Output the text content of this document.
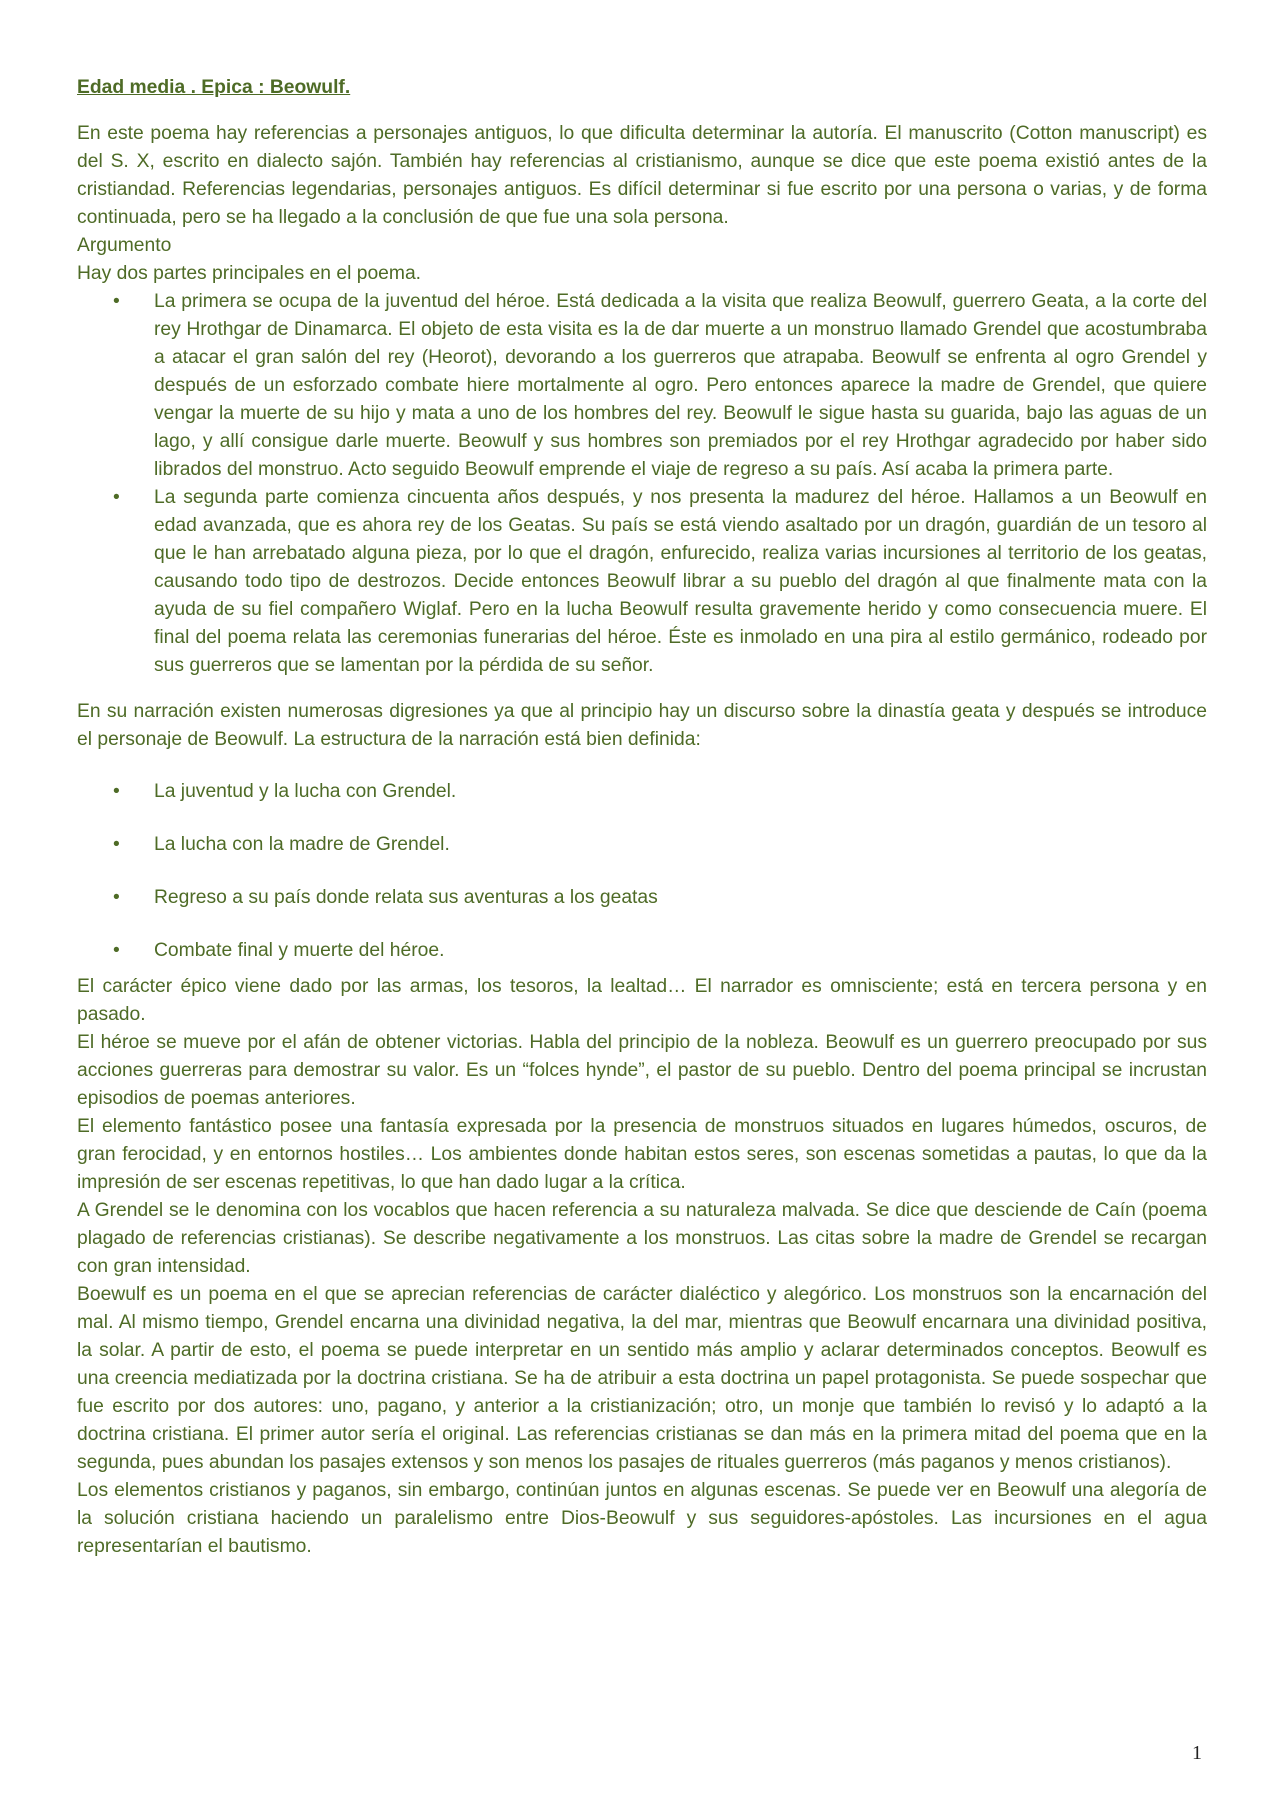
Edad media . Epica : Beowulf.

En este poema hay referencias a personajes antiguos, lo que dificulta determinar la autoría. El manuscrito (Cotton manuscript) es del S. X, escrito en dialecto sajón. También hay referencias al cristianismo, aunque se dice que este poema existió antes de la cristiandad. Referencias legendarias, personajes antiguos. Es difícil determinar si fue escrito por una persona o varias, y de forma continuada, pero se ha llegado a la conclusión de que fue una sola persona.

Argumento

Hay dos partes principales en el poema.

• La primera se ocupa de la juventud del héroe. Está dedicada a la visita que realiza Beowulf, guerrero Geata, a la corte del rey Hrothgar de Dinamarca. El objeto de esta visita es la de dar muerte a un monstruo llamado Grendel que acostumbraba a atacar el gran salón del rey (Heorot), devorando a los guerreros que atrapaba. Beowulf se enfrenta al ogro Grendel y después de un esforzado combate hiere mortalmente al ogro. Pero entonces aparece la madre de Grendel, que quiere vengar la muerte de su hijo y mata a uno de los hombres del rey. Beowulf le sigue hasta su guarida, bajo las aguas de un lago, y allí consigue darle muerte. Beowulf y sus hombres son premiados por el rey Hrothgar agradecido por haber sido librados del monstruo. Acto seguido Beowulf emprende el viaje de regreso a su país. Así acaba la primera parte.
• La segunda parte comienza cincuenta años después, y nos presenta la madurez del héroe. Hallamos a un Beowulf en edad avanzada, que es ahora rey de los Geatas. Su país se está viendo asaltado por un dragón, guardián de un tesoro al que le han arrebatado alguna pieza, por lo que el dragón, enfurecido, realiza varias incursiones al territorio de los geatas, causando todo tipo de destrozos. Decide entonces Beowulf librar a su pueblo del dragón al que finalmente mata con la ayuda de su fiel compañero Wiglaf. Pero en la lucha Beowulf resulta gravemente herido y como consecuencia muere. El final del poema relata las ceremonias funerarias del héroe. Éste es inmolado en una pira al estilo germánico, rodeado por sus guerreros que se lamentan por la pérdida de su señor.

En su narración existen numerosas digresiones ya que al principio hay un discurso sobre la dinastía geata y después se introduce el personaje de Beowulf. La estructura de la narración está bien definida:

• La juventud y la lucha con Grendel.
• La lucha con la madre de Grendel.
• Regreso a su país donde relata sus aventuras a los geatas
• Combate final y muerte del héroe.

El carácter épico viene dado por las armas, los tesoros, la lealtad… El narrador es omnisciente; está en tercera persona y en pasado.

El héroe se mueve por el afán de obtener victorias. Habla del principio de la nobleza. Beowulf es un guerrero preocupado por sus acciones guerreras para demostrar su valor. Es un “folces hynde”, el pastor de su pueblo. Dentro del poema principal se incrustan episodios de poemas anteriores.

El elemento fantástico posee una fantasía expresada por la presencia de monstruos situados en lugares húmedos, oscuros, de gran ferocidad, y en entornos hostiles… Los ambientes donde habitan estos seres, son escenas sometidas a pautas, lo que da la impresión de ser escenas repetitivas, lo que han dado lugar a la crítica.

A Grendel se le denomina con los vocablos que hacen referencia a su naturaleza malvada. Se dice que desciende de Caín (poema plagado de referencias cristianas). Se describe negativamente a los monstruos. Las citas sobre la madre de Grendel se recargan con gran intensidad.

Boewulf es un poema en el que se aprecian referencias de carácter dialéctico y alegórico. Los monstruos son la encarnación del mal. Al mismo tiempo, Grendel encarna una divinidad negativa, la del mar, mientras que Beowulf encarnara una divinidad positiva, la solar. A partir de esto, el poema se puede interpretar en un sentido más amplio y aclarar determinados conceptos. Beowulf es una creencia mediatizada por la doctrina cristiana. Se ha de atribuir a esta doctrina un papel protagonista. Se puede sospechar que fue escrito por dos autores: uno, pagano, y anterior a la cristianización; otro, un monje que también lo revisó y lo adaptó a la doctrina cristiana. El primer autor sería el original. Las referencias cristianas se dan más en la primera mitad del poema que en la segunda, pues abundan los pasajes extensos y son menos los pasajes de rituales guerreros (más paganos y menos cristianos).

Los elementos cristianos y paganos, sin embargo, continúan juntos en algunas escenas. Se puede ver en Beowulf una alegoría de la solución cristiana haciendo un paralelismo entre Dios-Beowulf y sus seguidores-apóstoles. Las incursiones en el agua representarían el bautismo.

1
